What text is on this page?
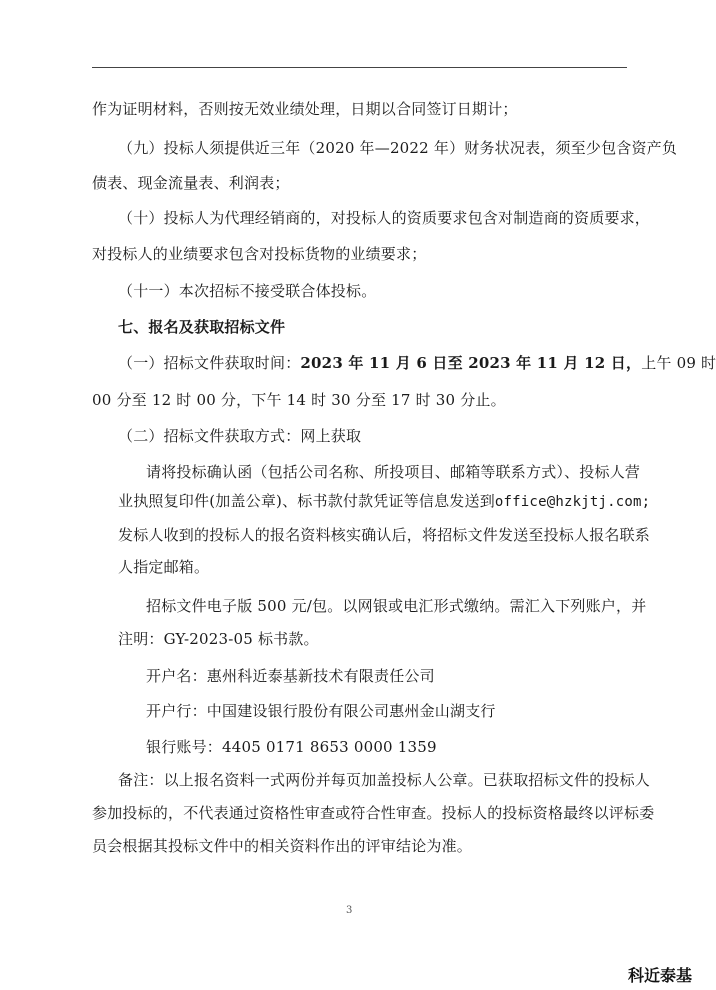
作为证明材料，否则按无效业绩处理，日期以合同签订日期计；
（九）投标人须提供近三年（2020 年—2022 年）财务状况表，须至少包含资产负
债表、现金流量表、利润表；
（十）投标人为代理经销商的，对投标人的资质要求包含对制造商的资质要求，
对投标人的业绩要求包含对投标货物的业绩要求；
（十一）本次招标不接受联合体投标。
七、报名及获取招标文件
（一）招标文件获取时间：2023 年 11 月 6 日至 2023 年 11 月 12 日，上午 09 时
00 分至 12 时 00 分，下午 14 时 30 分至 17 时 30 分止。
（二）招标文件获取方式：网上获取
请将投标确认函（包括公司名称、所投项目、邮箱等联系方式）、投标人营
业执照复印件(加盖公章)、标书款付款凭证等信息发送到office@hzkjtj.com;
发标人收到的投标人的报名资料核实确认后，将招标文件发送至投标人报名联系
人指定邮箱。
招标文件电子版 500 元/包。以网银或电汇形式缴纳。需汇入下列账户，并
注明：GY-2023-05 标书款。
开户名：惠州科近泰基新技术有限责任公司
开户行：中国建设银行股份有限公司惠州金山湖支行
银行账号：4405 0171 8653 0000 1359
备注：以上报名资料一式两份并每页加盖投标人公章。已获取招标文件的投标人
参加投标的，不代表通过资格性审查或符合性审查。投标人的投标资格最终以评标委
员会根据其投标文件中的相关资料作出的评审结论为准。
3
科近泰基
